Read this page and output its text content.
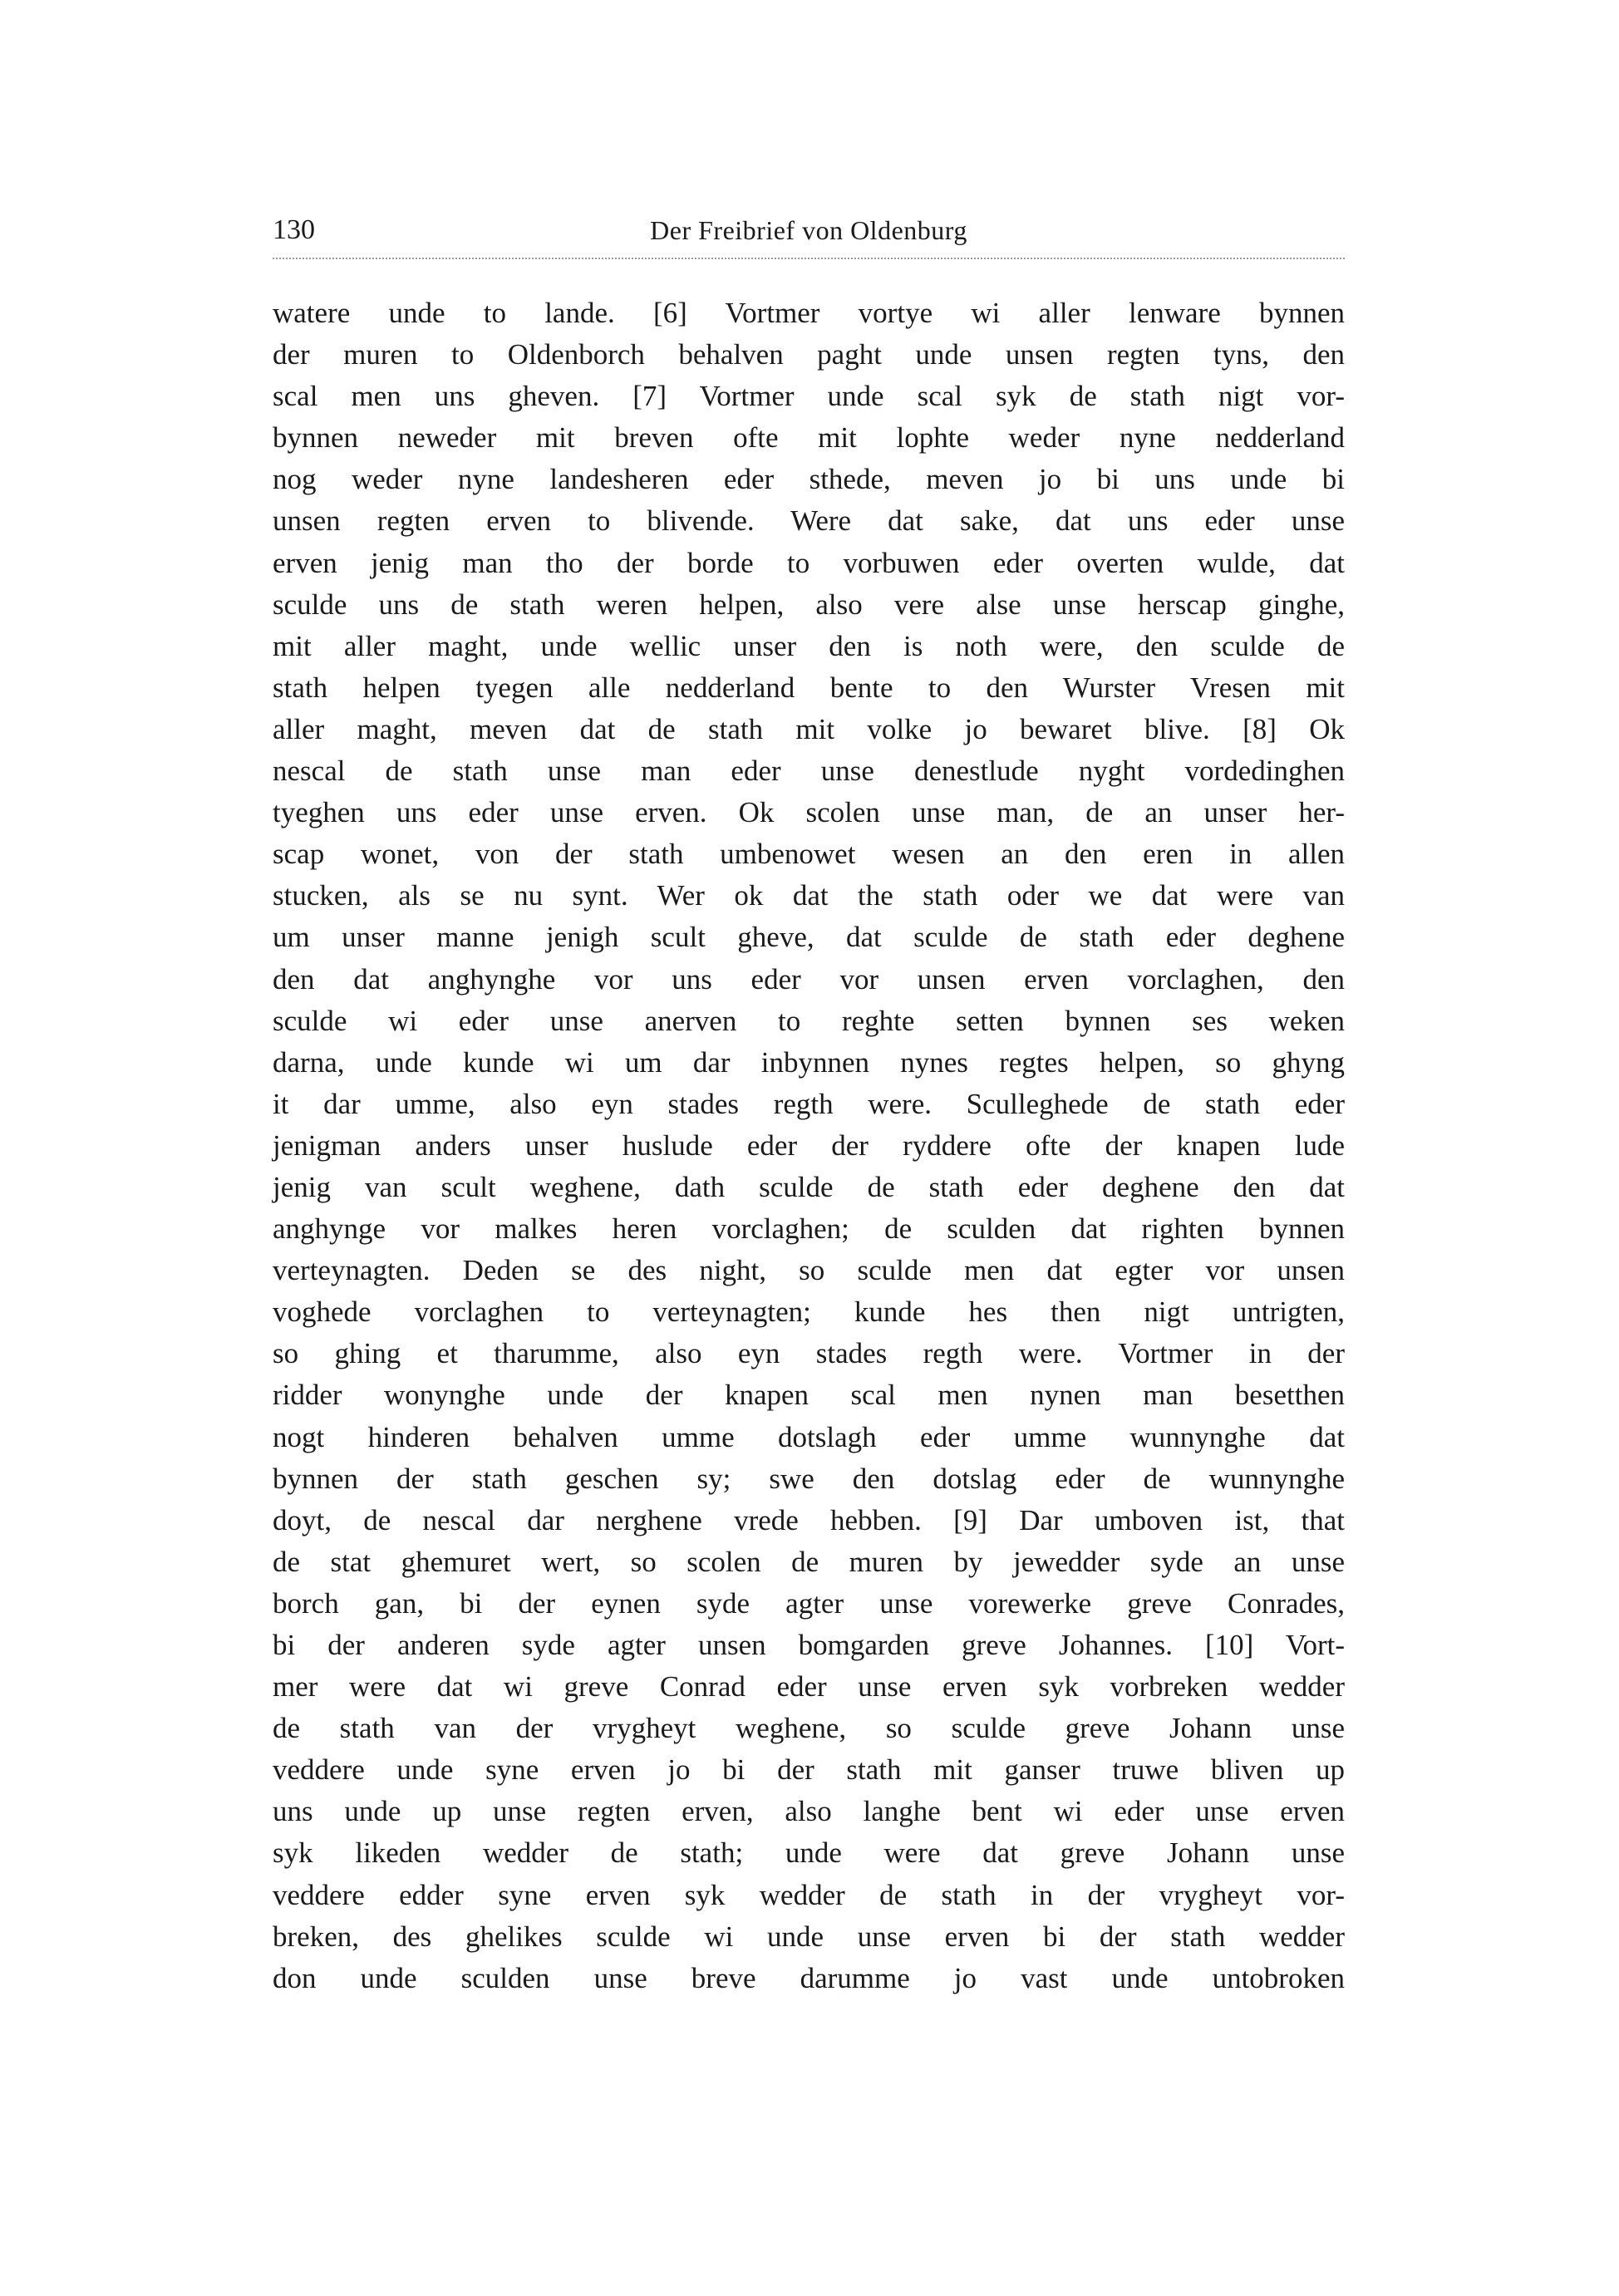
130	Der Freibrief von Oldenburg
watere unde to lande. [6] Vortmer vortye wi aller lenware bynnen
der muren to Oldenborch behalven paght unde unsen regten tyns, den
scal men uns gheven. [7] Vortmer unde scal syk de stath nigt vor-
bynnen neweder mit breven ofte mit lophte weder nyne nedderland
nog weder nyne landesheren eder sthede, meven jo bi uns unde bi
unsen regten erven to blivende. Were dat sake, dat uns eder unse
erven jenig man tho der borde to vorbuwen eder overten wulde, dat
sculde uns de stath weren helpen, also vere alse unse herscap ginghe,
mit aller maght, unde wellic unser den is noth were, den sculde de
stath helpen tyegen alle nedderland bente to den Wurster Vresen mit
aller maght, meven dat de stath mit volke jo bewaret blive. [8] Ok
nescal de stath unse man eder unse denestlude nyght vordedinghen
tyeghen uns eder unse erven. Ok scolen unse man, de an unser her-
scap wonet, von der stath umbenowet wesen an den eren in allen
stucken, als se nu synt. Wer ok dat the stath oder we dat were van
um unser manne jenigh scult gheve, dat sculde de stath eder deghene
den dat anghynghe vor uns eder vor unsen erven vorclaghen, den
sculde wi eder unse anerven to reghte setten bynnen ses weken
darna, unde kunde wi um dar inbynnen nynes regtes helpen, so ghyng
it dar umme, also eyn stades regth were. Sculleghede de stath eder
jenigman anders unser huslude eder der ryddere ofte der knapen lude
jenig van scult weghene, dath sculde de stath eder deghene den dat
anghynge vor malkes heren vorclaghen; de sculden dat righten bynnen
verteynagten. Deden se des night, so sculde men dat egter vor unsen
voghede vorclaghen to verteynagten; kunde hes then nigt untrigten,
so ghing et tharumme, also eyn stades regth were. Vortmer in der
ridder wonynghe unde der knapen scal men nynen man besetthen
nogt hinderen behalven umme dotslagh eder umme wunnynghe dat
bynnen der stath geschen sy; swe den dotslag eder de wunnynghe
doyt, de nescal dar nerghene vrede hebben. [9] Dar umboven ist, that
de stat ghemuret wert, so scolen de muren by jewedder syde an unse
borch gan, bi der eynen syde agter unse vorewerke greve Conrades,
bi der anderen syde agter unsen bomgarden greve Johannes. [10] Vort-
mer were dat wi greve Conrad eder unse erven syk vorbreken wedder
de stath van der vrygheyt weghene, so sculde greve Johann unse
veddere unde syne erven jo bi der stath mit ganser truwe bliven up
uns unde up unse regten erven, also langhe bent wi eder unse erven
syk likeden wedder de stath; unde were dat greve Johann unse
veddere edder syne erven syk wedder de stath in der vrygheyt vor-
breken, des ghelikes sculde wi unde unse erven bi der stath wedder
don unde sculden unse breve darumme jo vast unde untobroken
